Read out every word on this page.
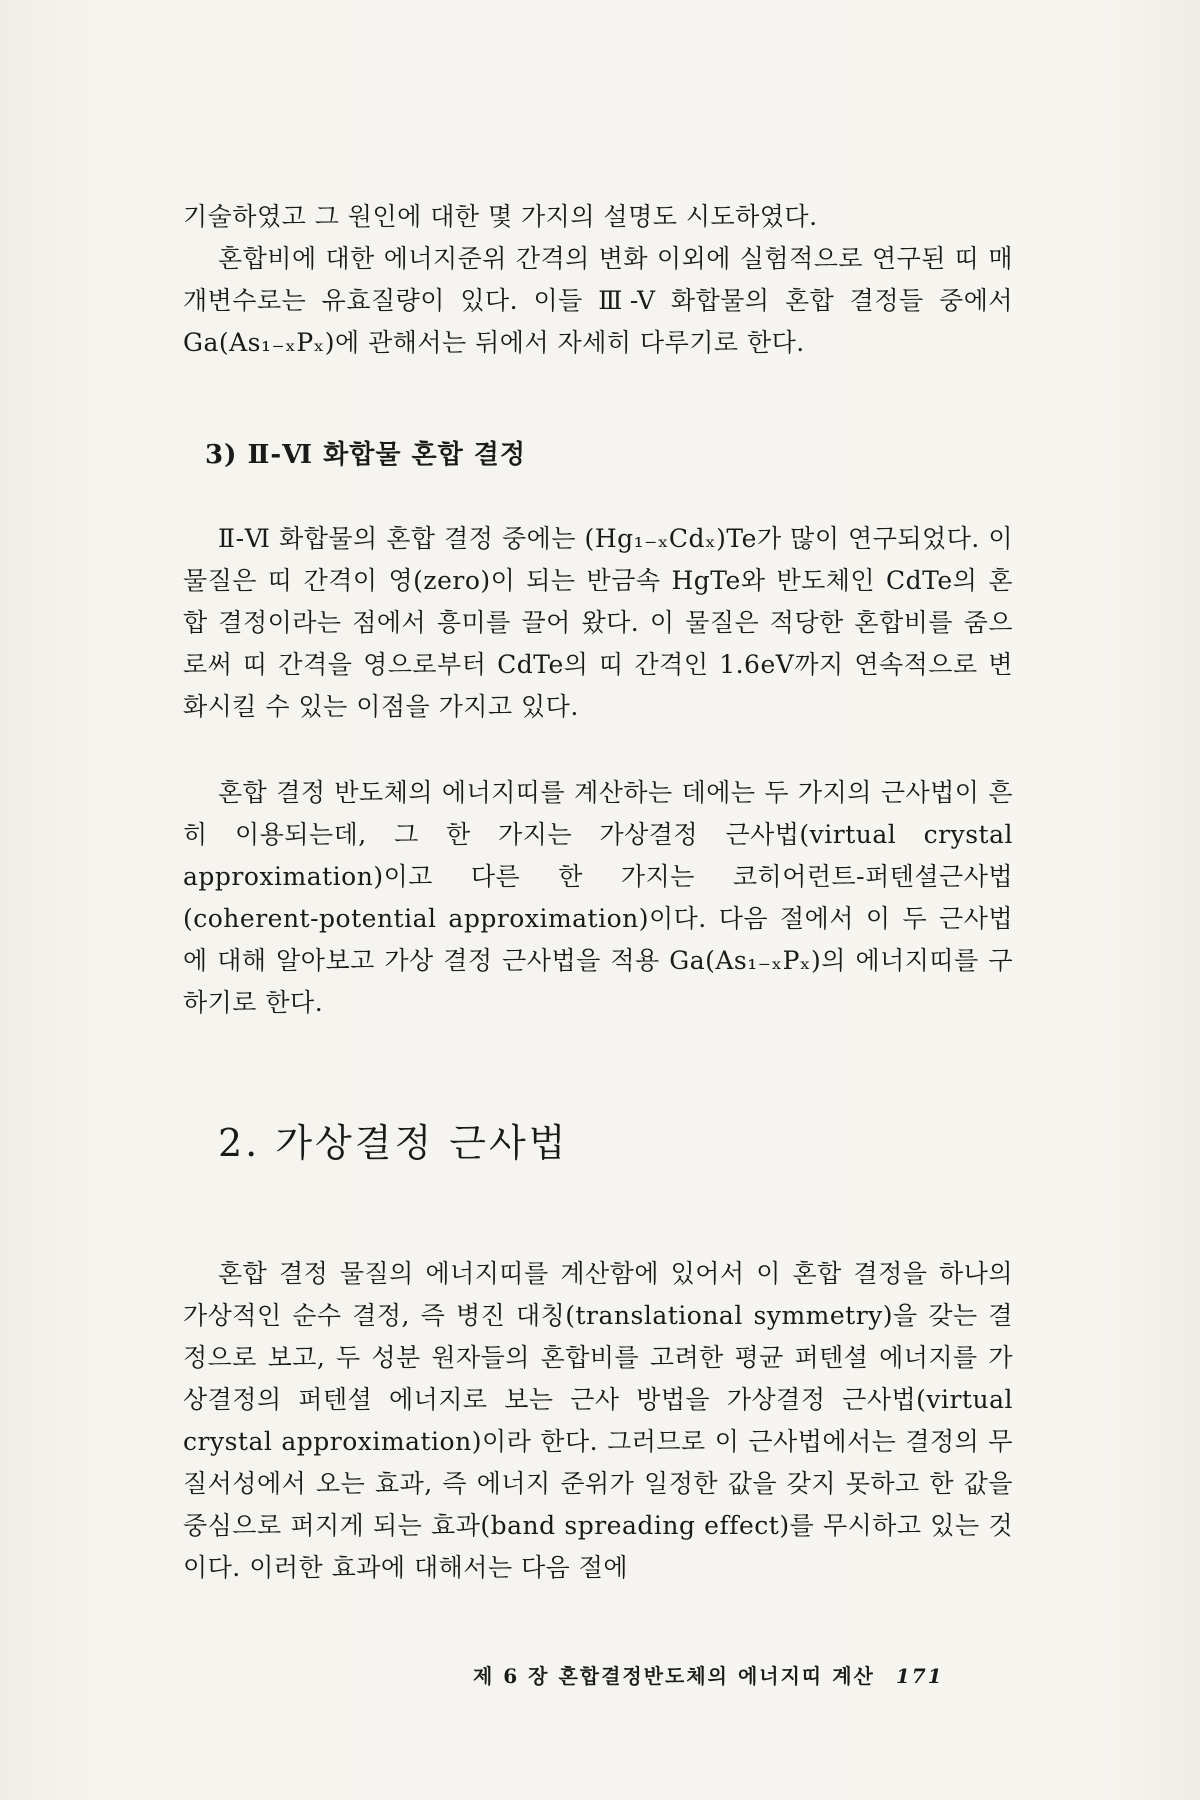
기술하였고 그 원인에 대한 몇 가지의 설명도 시도하였다.

혼합비에 대한 에너지준위 간격의 변화 이외에 실험적으로 연구된 띠 매개변수로는 유효질량이 있다. 이들 Ⅲ-V 화합물의 혼합 결정들 중에서 Ga(As₁₋ₓPₓ)에 관해서는 뒤에서 자세히 다루기로 한다.

3) Ⅱ-Ⅵ 화합물 혼합 결정
Ⅱ-Ⅵ 화합물의 혼합 결정 중에는 (Hg₁₋ₓCdₓ)Te가 많이 연구되었다. 이 물질은 띠 간격이 영(zero)이 되는 반금속 HgTe와 반도체인 CdTe의 혼합 결정이라는 점에서 흥미를 끌어 왔다. 이 물질은 적당한 혼합비를 줌으로써 띠 간격을 영으로부터 CdTe의 띠 간격인 1.6eV까지 연속적으로 변화시킬 수 있는 이점을 가지고 있다.
혼합 결정 반도체의 에너지띠를 계산하는 데에는 두 가지의 근사법이 흔히 이용되는데, 그 한 가지는 가상결정 근사법(virtual crystal approximation)이고 다른 한 가지는 코히어런트-퍼텐셜근사법(coherent-potential approximation)이다. 다음 절에서 이 두 근사법에 대해 알아보고 가상 결정 근사법을 적용 Ga(As₁₋ₓPₓ)의 에너지띠를 구하기로 한다.
2. 가상결정 근사법
혼합 결정 물질의 에너지띠를 계산함에 있어서 이 혼합 결정을 하나의 가상적인 순수 결정, 즉 병진 대칭(translational symmetry)을 갖는 결정으로 보고, 두 성분 원자들의 혼합비를 고려한 평균 퍼텐셜 에너지를 가상결정의 퍼텐셜 에너지로 보는 근사 방법을 가상결정 근사법(virtual crystal approximation)이라 한다. 그러므로 이 근사법에서는 결정의 무질서성에서 오는 효과, 즉 에너지 준위가 일정한 값을 갖지 못하고 한 값을 중심으로 퍼지게 되는 효과(band spreading effect)를 무시하고 있는 것이다. 이러한 효과에 대해서는 다음 절에
제 6 장 혼합결정반도체의 에너지띠 계산 171
